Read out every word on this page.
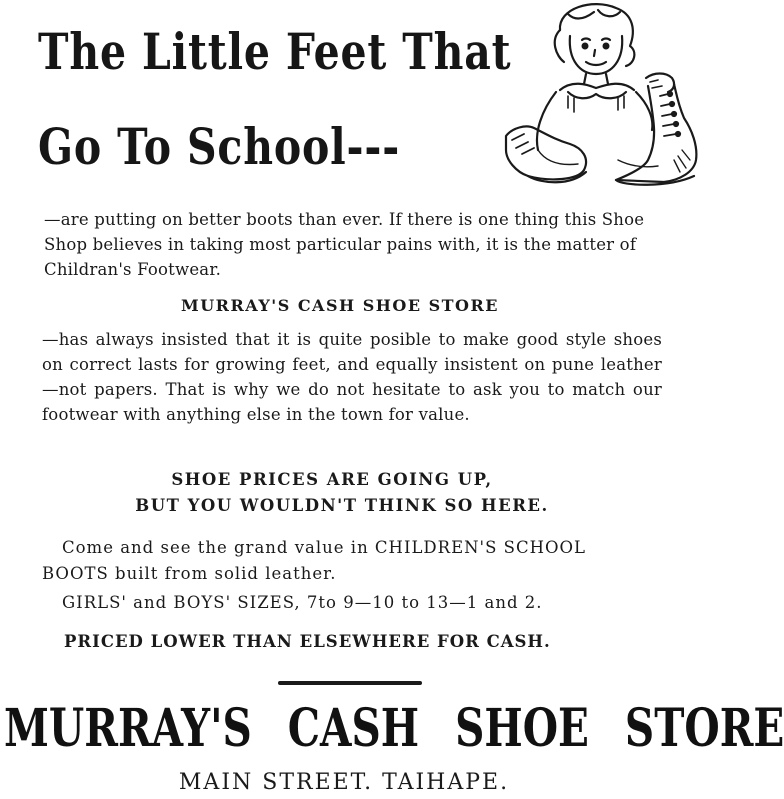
The Little Feet That
Go To School---
—are putting on better boots than ever. If there is one thing this Shoe Shop believes in taking most particular pains with, it is the matter of Childran's Footwear.
MURRAY'S CASH SHOE STORE
—has always insisted that it is quite posible to make good style shoes on correct lasts for growing feet, and equally insistent on pune leather—not papers. That is why we do not hesitate to ask you to match our footwear with anything else in the town for value.
SHOE PRICES ARE GOING UP,
BUT YOU WOULDN'T THINK SO HERE.
Come and see the grand value in CHILDREN'S SCHOOL
BOOTS built from solid leather.
GIRLS' and BOYS' SIZES, 7to 9—10 to 13—1 and 2.
PRICED LOWER THAN ELSEWHERE FOR CASH.
MURRAY'S CASH SHOE STORE
MAIN STREET. TAIHAPE.
